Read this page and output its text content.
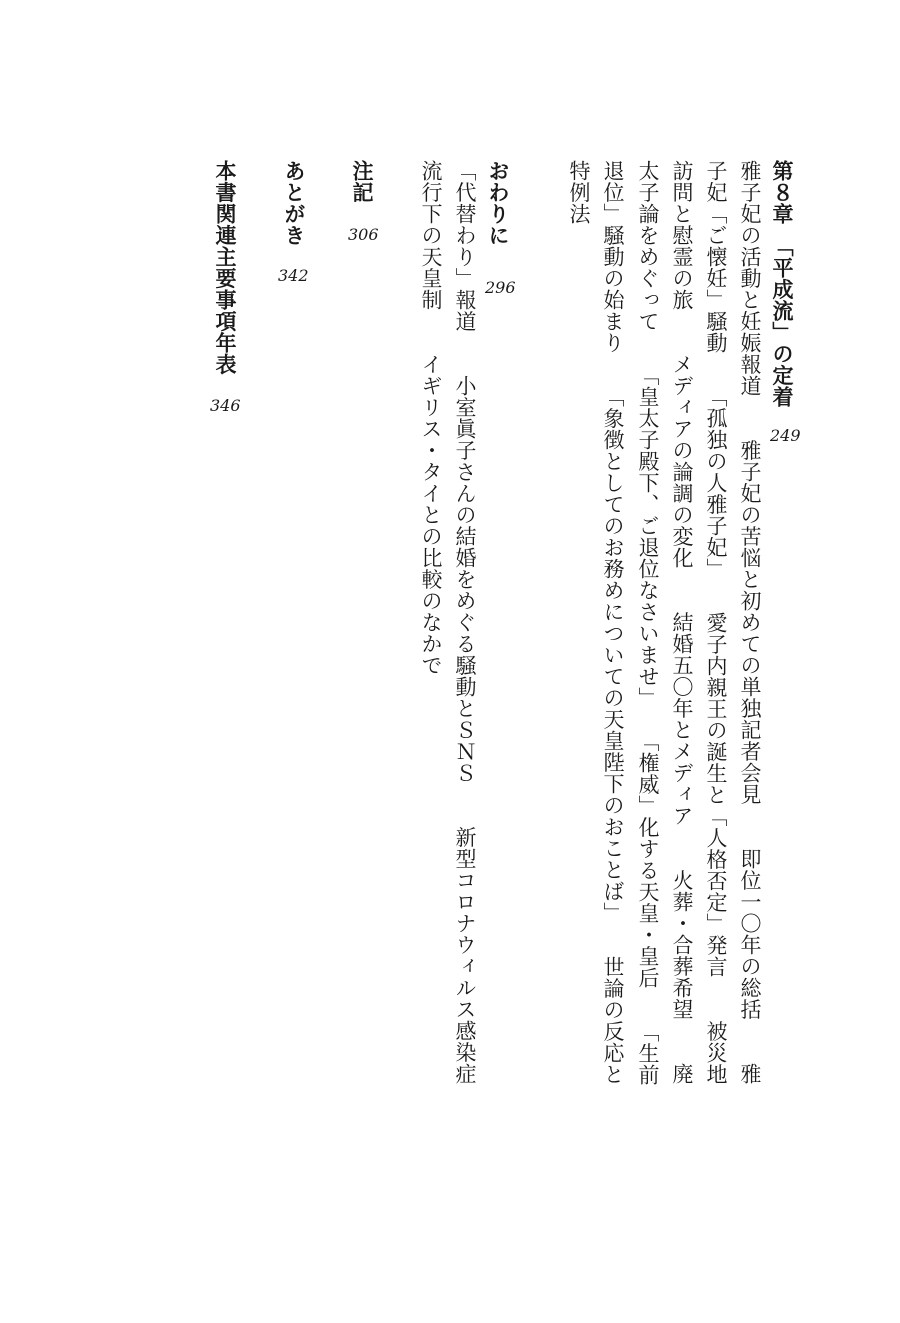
第８章　「平成流」の定着
249
雅子妃の活動と妊娠報道　　雅子妃の苦悩と初めての単独記者会見　　即位一〇年の総括　　雅
子妃「ご懐妊」騒動　　「孤独の人雅子妃」　　愛子内親王の誕生と「人格否定」発言　　被災地
訪問と慰霊の旅　　メディアの論調の変化　　結婚五〇年とメディア　　火葬・合葬希望　　廃
太子論をめぐって　　「皇太子殿下、ご退位なさいませ」　　「権威」化する天皇・皇后　　「生前
退位」騒動の始まり　　「象徴としてのお務めについての天皇陛下のおことば」　　世論の反応と
特例法
おわりに
296
「代替わり」報道　　小室眞子さんの結婚をめぐる騒動とＳＮＳ　　新型コロナウィルス感染症
流行下の天皇制　　イギリス・タイとの比較のなかで
注記
306
あとがき
342
本書関連主要事項年表
346
